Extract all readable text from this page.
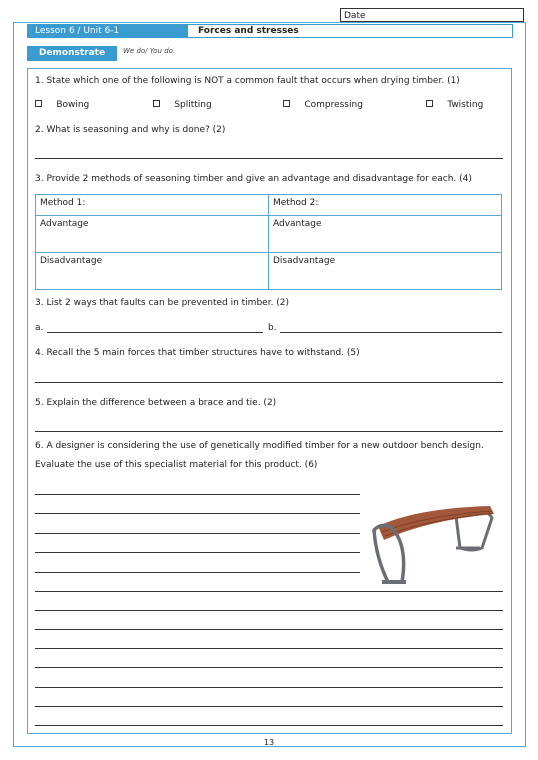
Date
Lesson 6 / Unit 6-1	Forces and stresses
Demonstrate	We do/ You do.
1. State which one of the following is NOT a common fault that occurs when drying timber. (1)
Bowing	Splitting	Compressing	Twisting
2. What is seasoning and why is done? (2)
3. Provide 2 methods of seasoning timber and give an advantage and disadvantage for each. (4)
Method 1:	Method 2:
Advantage	Advantage
Disadvantage	Disadvantage
3. List 2 ways that faults can be prevented in timber. (2)
a.	b.
4. Recall the 5 main forces that timber structures have to withstand. (5)
5. Explain the difference between a brace and tie. (2)
6. A designer is considering the use of genetically modified timber for a new outdoor bench design.
Evaluate the use of this specialist material for this product. (6)
13
